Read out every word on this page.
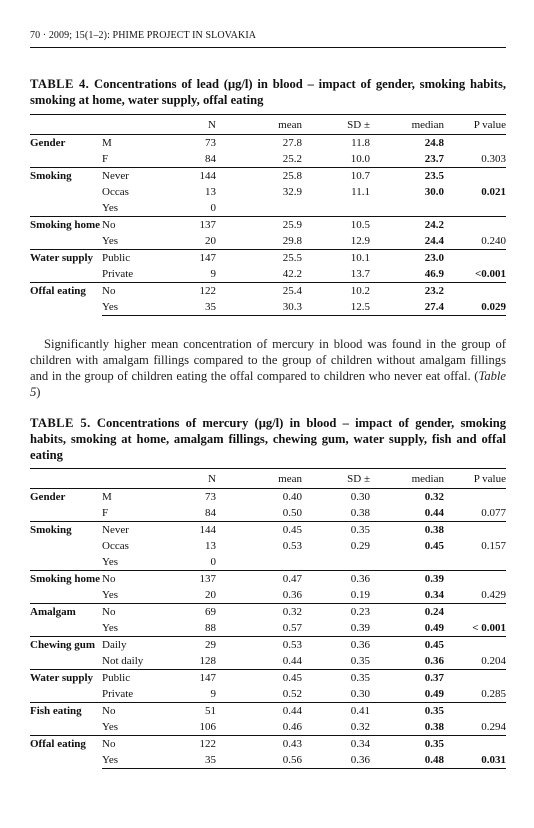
70 · 2009; 15(1–2): PHIME PROJECT IN SLOVAKIA
TABLE 4. Concentrations of lead (μg/l) in blood – impact of gender, smoking habits, smoking at home, water supply, offal eating
		N	mean	SD ±	median	P value
Gender	M	73	27.8	11.8	24.8	
	F	84	25.2	10.0	23.7	0.303
Smoking	Never	144	25.8	10.7	23.5	
	Occas	13	32.9	11.1	30.0	0.021
	Yes	0				
Smoking home	No	137	25.9	10.5	24.2	
	Yes	20	29.8	12.9	24.4	0.240
Water supply	Public	147	25.5	10.1	23.0	
	Private	9	42.2	13.7	46.9	<0.001
Offal eating	No	122	25.4	10.2	23.2	
	Yes	35	30.3	12.5	27.4	0.029
Significantly higher mean concentration of mercury in blood was found in the group of children with amalgam fillings compared to the group of children without amalgam fillings and in the group of children eating the offal compared to children who never eat offal. (Table 5)
TABLE 5. Concentrations of mercury (μg/l) in blood – impact of gender, smoking habits, smoking at home, amalgam fillings, chewing gum, water supply, fish and offal eating
		N	mean	SD ±	median	P value
Gender	M	73	0.40	0.30	0.32	
	F	84	0.50	0.38	0.44	0.077
Smoking	Never	144	0.45	0.35	0.38	
	Occas	13	0.53	0.29	0.45	0.157
	Yes	0				
Smoking home	No	137	0.47	0.36	0.39	
	Yes	20	0.36	0.19	0.34	0.429
Amalgam	No	69	0.32	0.23	0.24	
	Yes	88	0.57	0.39	0.49	< 0.001
Chewing gum	Daily	29	0.53	0.36	0.45	
	Not daily	128	0.44	0.35	0.36	0.204
Water supply	Public	147	0.45	0.35	0.37	
	Private	9	0.52	0.30	0.49	0.285
Fish eating	No	51	0.44	0.41	0.35	
	Yes	106	0.46	0.32	0.38	0.294
Offal eating	No	122	0.43	0.34	0.35	
	Yes	35	0.56	0.36	0.48	0.031
